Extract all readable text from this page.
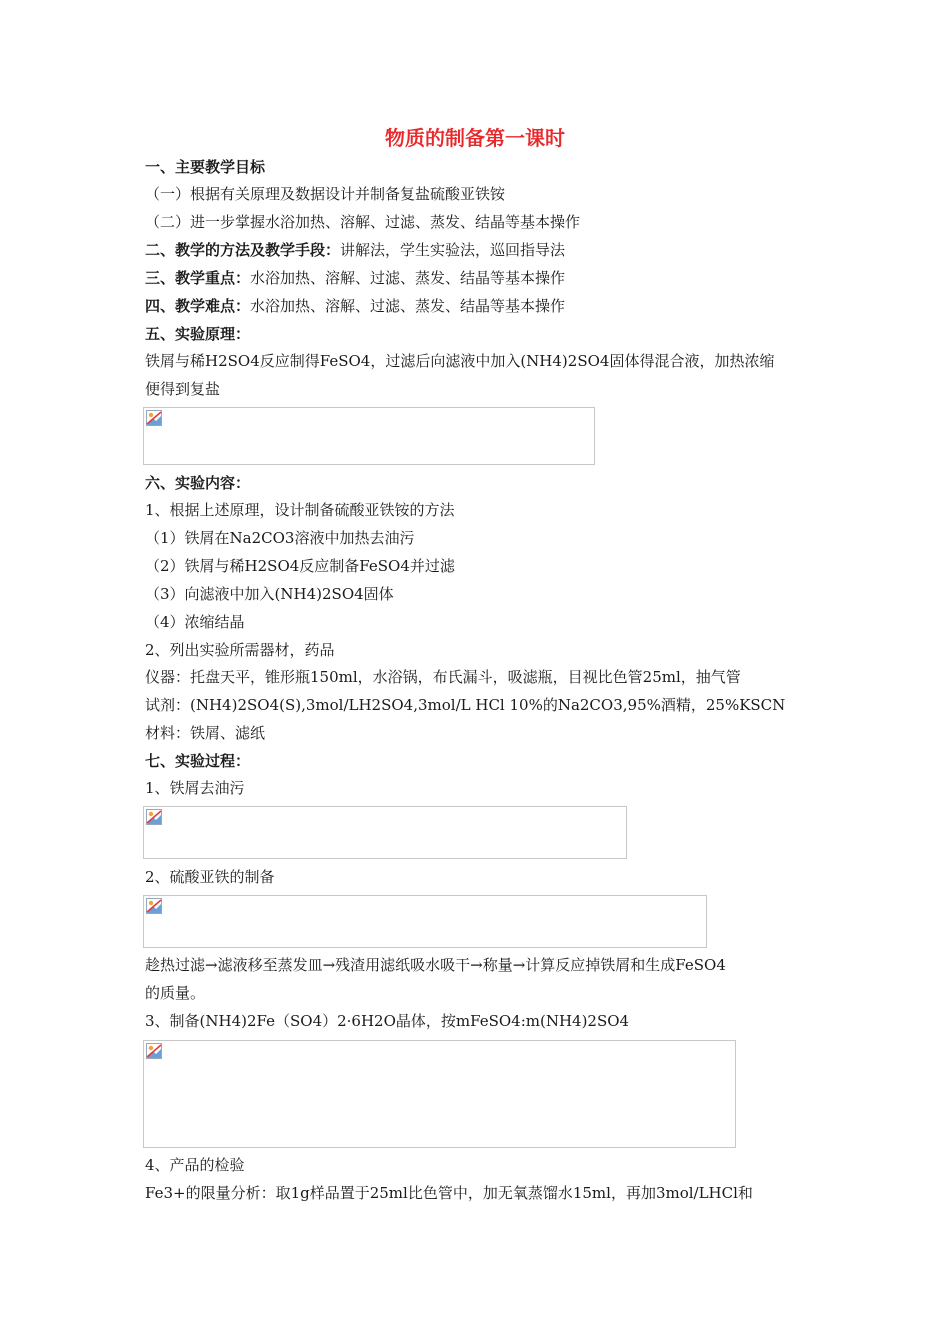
物质的制备第一课时
一、主要教学目标
（一）根据有关原理及数据设计并制备复盐硫酸亚铁铵
（二）进一步掌握水浴加热、溶解、过滤、蒸发、结晶等基本操作
二、教学的方法及教学手段：讲解法，学生实验法，巡回指导法
三、教学重点：水浴加热、溶解、过滤、蒸发、结晶等基本操作
四、教学难点：水浴加热、溶解、过滤、蒸发、结晶等基本操作
五、实验原理：
铁屑与稀H2SO4反应制得FeSO4，过滤后向滤液中加入(NH4)2SO4固体得混合液，加热浓缩
便得到复盐
六、实验内容：
1、根据上述原理，设计制备硫酸亚铁铵的方法
（1）铁屑在Na2CO3溶液中加热去油污
（2）铁屑与稀H2SO4反应制备FeSO4并过滤
（3）向滤液中加入(NH4)2SO4固体
（4）浓缩结晶
2、列出实验所需器材，药品
仪器：托盘天平，锥形瓶150ml，水浴锅，布氏漏斗，吸滤瓶，目视比色管25ml，抽气管
试剂：(NH4)2SO4(S),3mol/LH2SO4,3mol/L HCl 10%的Na2CO3,95%酒精，25%KSCN
材料：铁屑、滤纸
七、实验过程：
1、铁屑去油污
2、硫酸亚铁的制备
趁热过滤→滤液移至蒸发皿→残渣用滤纸吸水吸干→称量→计算反应掉铁屑和生成FeSO4
的质量。
3、制备(NH4)2Fe（SO4）2·6H2O晶体，按mFeSO4:m(NH4)2SO4
4、产品的检验
Fe3+的限量分析：取1g样品置于25ml比色管中，加无氧蒸馏水15ml，再加3mol/LHCl和
